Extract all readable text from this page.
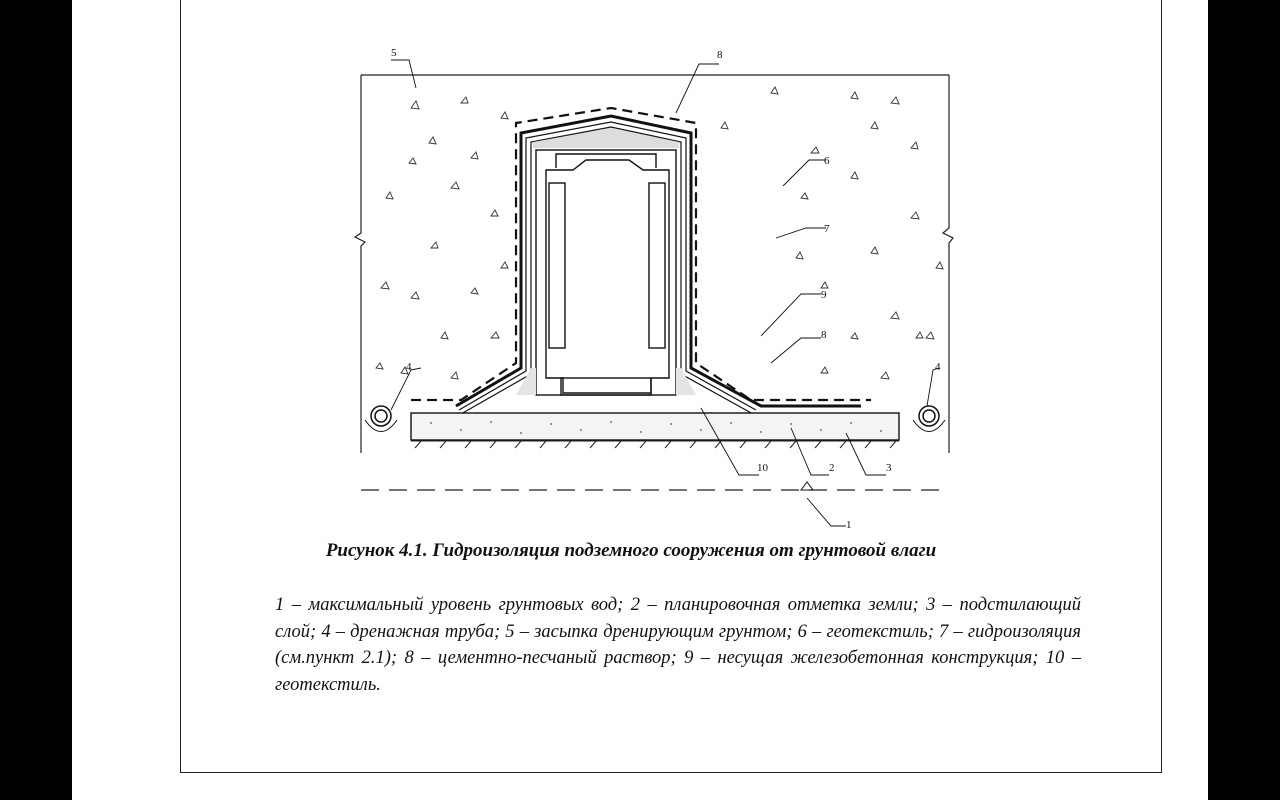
5	8
6
7
9
8
10	2	3
4	4
1
Рисунок 4.1. Гидроизоляция подземного сооружения от грунтовой влаги
1 – максимальный уровень грунтовых вод; 2 – планировочная отметка земли; 3 – подстилающий слой; 4 – дренажная труба; 5 – засыпка дренирующим грунтом; 6 – геотекстиль; 7 – гидроизоляция (см.пункт 2.1); 8 – цементно-песчаный раствор; 9 – несущая железобетонная конструкция; 10 – геотекстиль.
